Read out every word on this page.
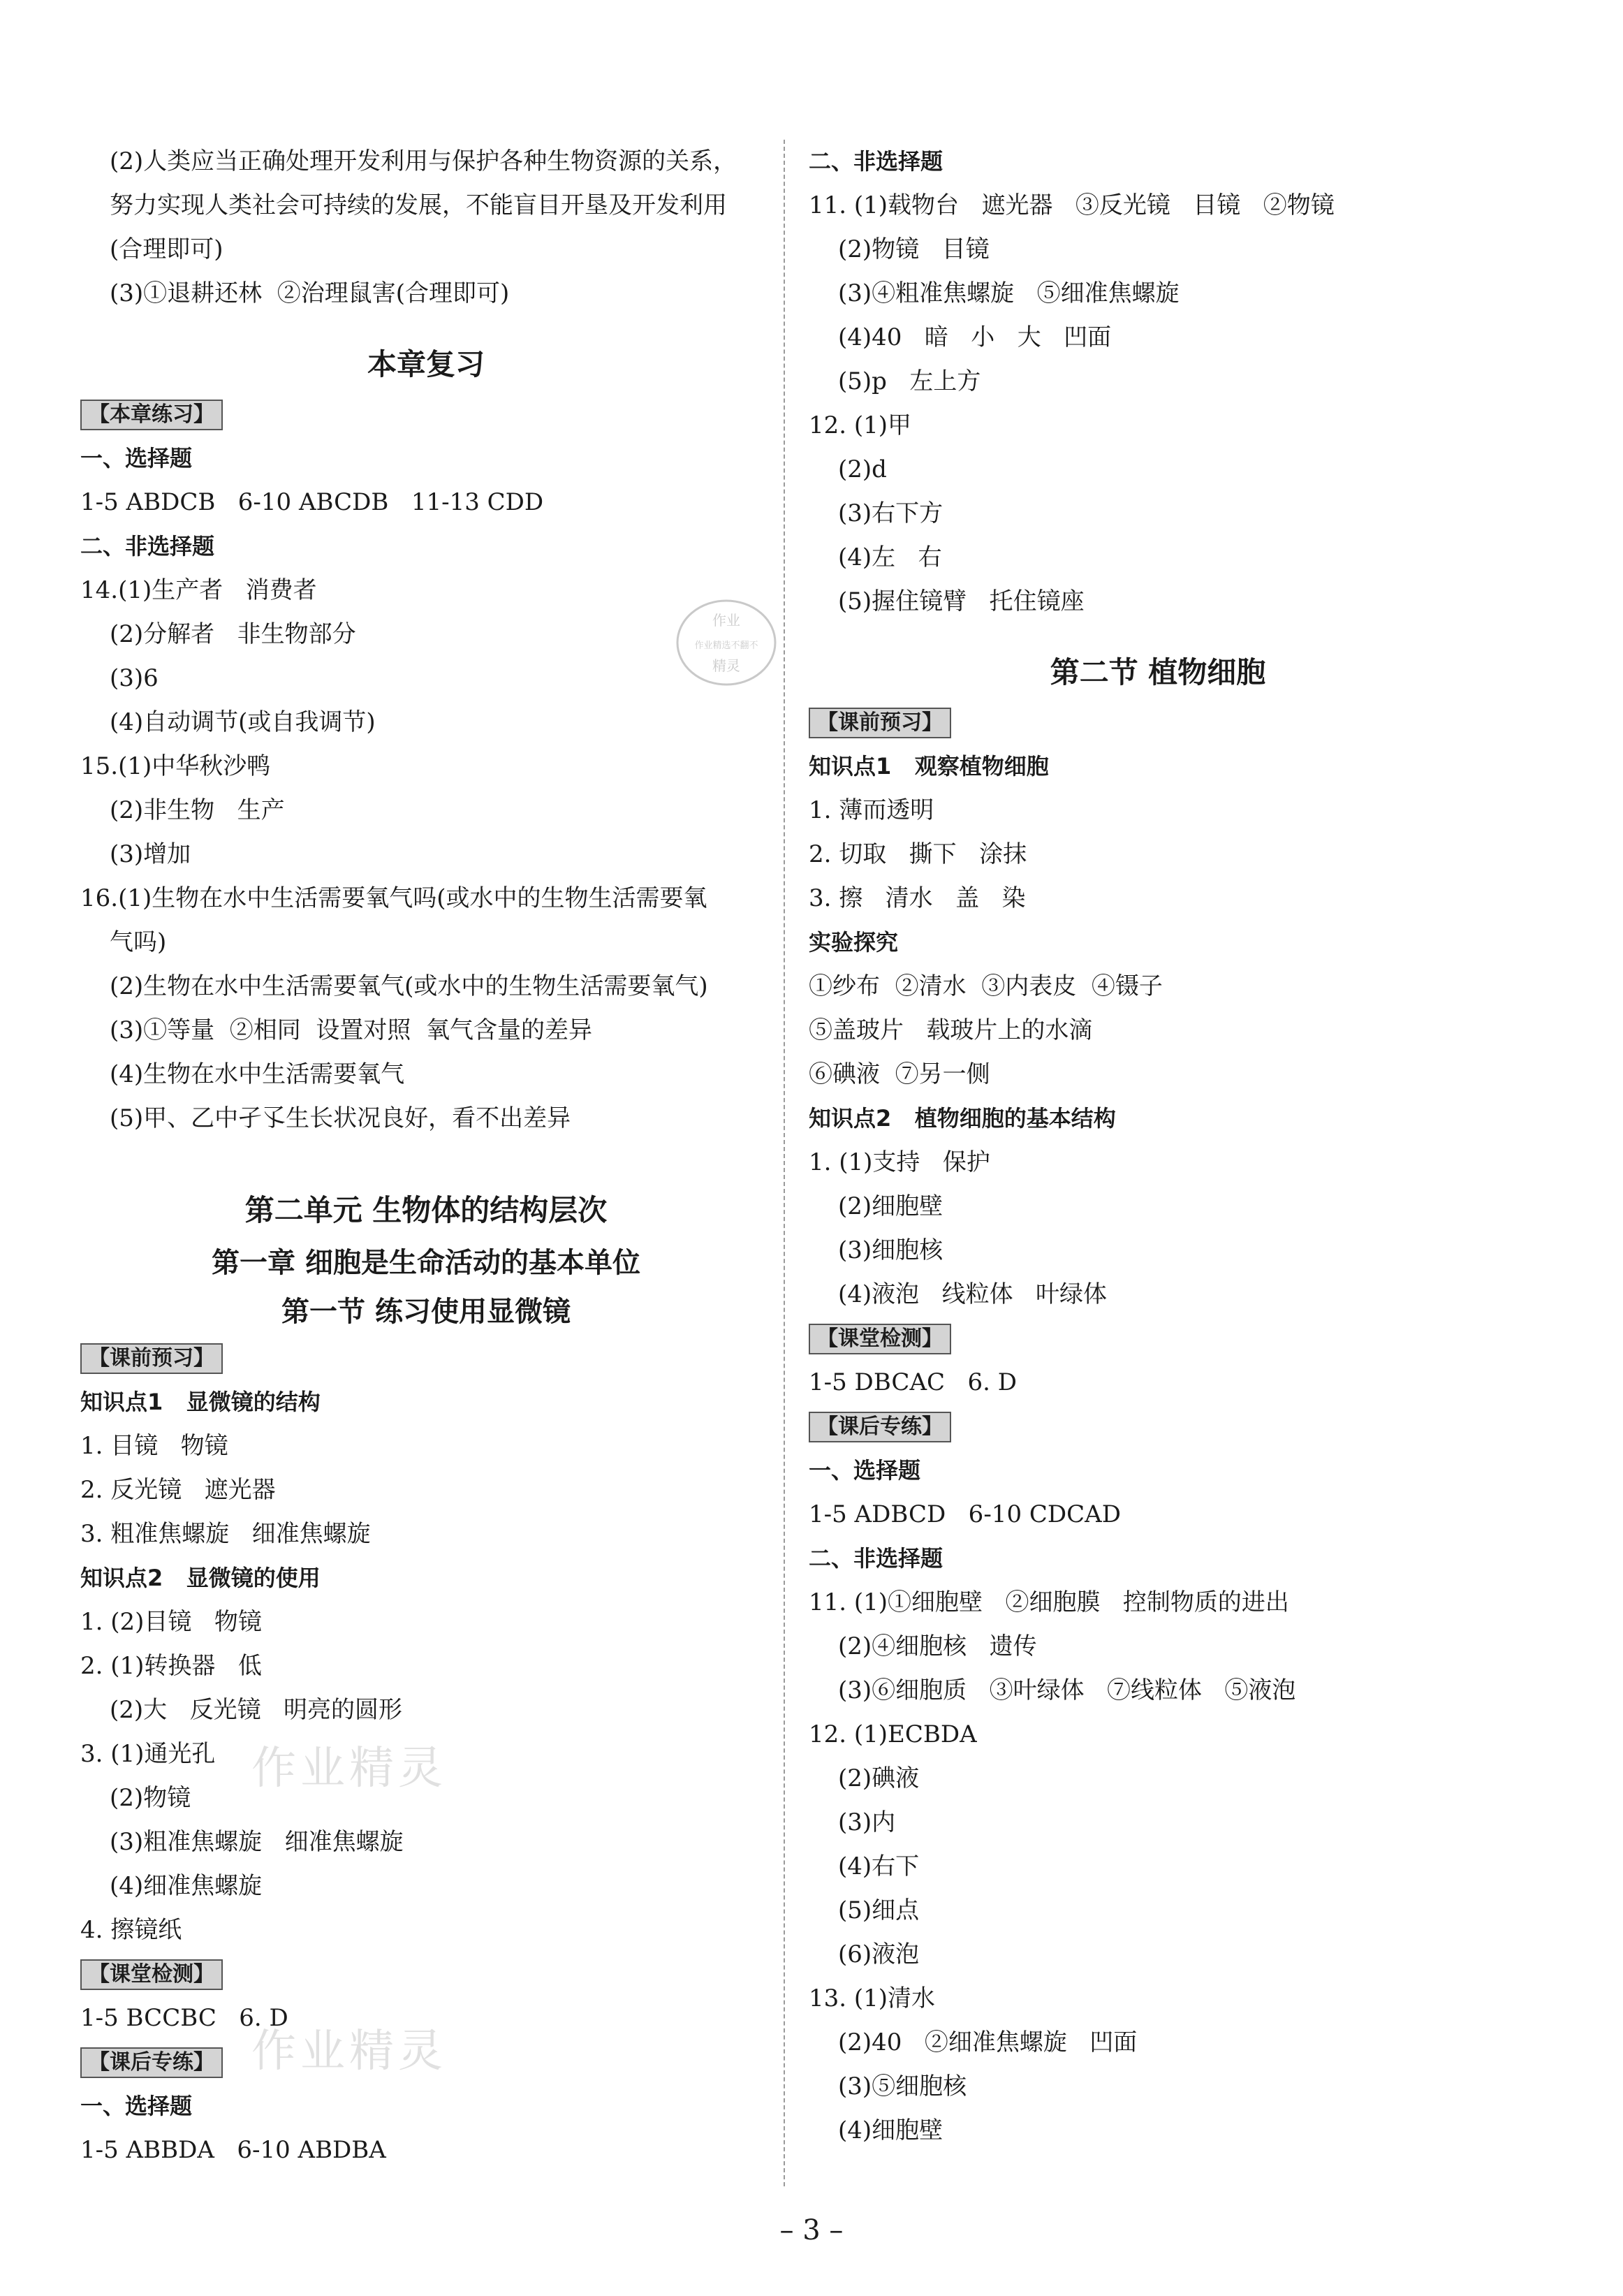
(2)人类应当正确处理开发利用与保护各种生物资源的关系，
努力实现人类社会可持续的发展，不能盲目开垦及开发利用
(合理即可)
(3)①退耕还林  ②治理鼠害(合理即可)
本章复习
【本章练习】
一、选择题
1-5 ABDCB   6-10 ABCDB   11-13 CDD
二、非选择题
14.(1)生产者   消费者
(2)分解者   非生物部分
(3)6
(4)自动调节(或自我调节)
15.(1)中华秋沙鸭
(2)非生物   生产
(3)增加
16.(1)生物在水中生活需要氧气吗(或水中的生物生活需要氧
气吗)
(2)生物在水中生活需要氧气(或水中的生物生活需要氧气)
(3)①等量  ②相同  设置对照  氧气含量的差异
(4)生物在水中生活需要氧气
(5)甲、乙中孑孓生长状况良好，看不出差异
第二单元 生物体的结构层次
第一章 细胞是生命活动的基本单位
第一节 练习使用显微镜
【课前预习】
知识点1   显微镜的结构
1. 目镜   物镜
2. 反光镜   遮光器
3. 粗准焦螺旋   细准焦螺旋
知识点2   显微镜的使用
1. (2)目镜   物镜
2. (1)转换器   低
(2)大   反光镜   明亮的圆形
3. (1)通光孔
(2)物镜
(3)粗准焦螺旋   细准焦螺旋
(4)细准焦螺旋
4. 擦镜纸
【课堂检测】
1-5 BCCBC   6. D
【课后专练】
一、选择题
1-5 ABBDA   6-10 ABDBA
二、非选择题
11. (1)载物台   遮光器   ③反光镜   目镜   ②物镜
(2)物镜   目镜
(3)④粗准焦螺旋   ⑤细准焦螺旋
(4)40   暗   小   大   凹面
(5)p   左上方
12. (1)甲
(2)d
(3)右下方
(4)左   右
(5)握住镜臂   托住镜座
第二节 植物细胞
【课前预习】
知识点1   观察植物细胞
1. 薄而透明
2. 切取   撕下   涂抹
3. 擦   清水   盖   染
实验探究
①纱布  ②清水  ③内表皮  ④镊子
⑤盖玻片   载玻片上的水滴
⑥碘液  ⑦另一侧
知识点2   植物细胞的基本结构
1. (1)支持   保护
(2)细胞壁
(3)细胞核
(4)液泡   线粒体   叶绿体
【课堂检测】
1-5 DBCAC   6. D
【课后专练】
一、选择题
1-5 ADBCD   6-10 CDCAD
二、非选择题
11. (1)①细胞壁   ②细胞膜   控制物质的进出
(2)④细胞核   遗传
(3)⑥细胞质   ③叶绿体   ⑦线粒体   ⑤液泡
12. (1)ECBDA
(2)碘液
(3)内
(4)右下
(5)细点
(6)液泡
13. (1)清水
(2)40   ②细准焦螺旋   凹面
(3)⑤细胞核
(4)细胞壁
作业
作业精选不翻不
精灵
作业精灵
作业精灵
– 3 –
